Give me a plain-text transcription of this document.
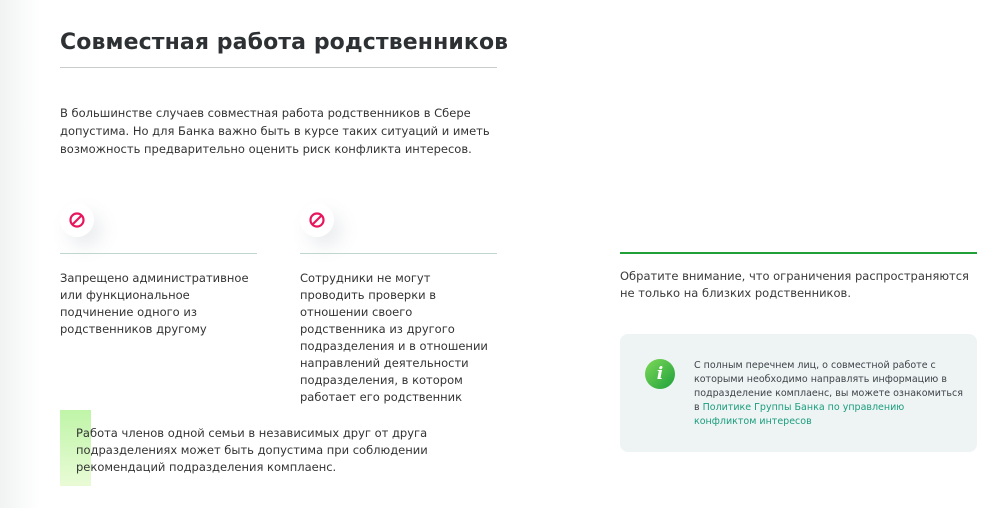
Совместная работа родственников

В большинстве случаев совместная работа родственников в Сбере допустима. Но для Банка важно быть в курсе таких ситуаций и иметь возможность предварительно оценить риск конфликта интересов.

Запрещено административное или функциональное подчинение одного из родственников другому

Сотрудники не могут проводить проверки в отношении своего родственника из другого подразделения и в отношении направлений деятельности подразделения, в котором работает его родственник

Работа членов одной семьи в независимых друг от друга подразделениях может быть допустима при соблюдении рекомендаций подразделения комплаенс.

Обратите внимание, что ограничения распространяются не только на близких родственников.

i	С полным перечнем лиц, о совместной работе с которыми необходимо направлять информацию в подразделение комплаенс, вы можете ознакомиться в Политике Группы Банка по управлению конфликтом интересов
